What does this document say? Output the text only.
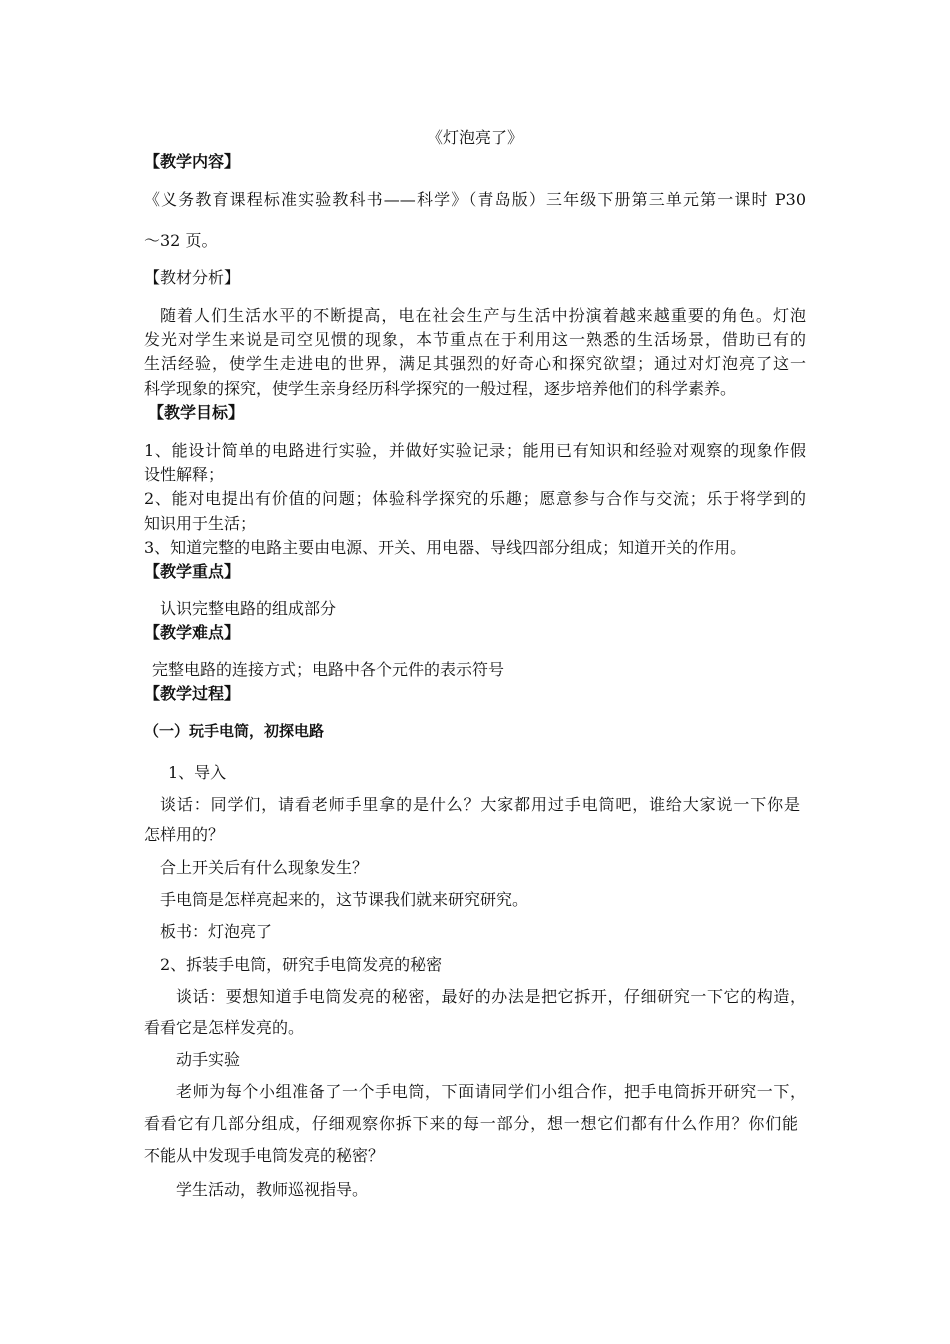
《灯泡亮了》
【教学内容】
《义务教育课程标准实验教科书——科学》（青岛版）三年级下册第三单元第一课时 P30
～32 页。
【教材分析】
随着人们生活水平的不断提高，电在社会生产与生活中扮演着越来越重要的角色。灯泡
发光对学生来说是司空见惯的现象，本节重点在于利用这一熟悉的生活场景，借助已有的
生活经验，使学生走进电的世界，满足其强烈的好奇心和探究欲望；通过对灯泡亮了这一
科学现象的探究，使学生亲身经历科学探究的一般过程，逐步培养他们的科学素养。
【教学目标】
1、能设计简单的电路进行实验，并做好实验记录；能用已有知识和经验对观察的现象作假
设性解释；
2、能对电提出有价值的问题；体验科学探究的乐趣；愿意参与合作与交流；乐于将学到的
知识用于生活；
3、知道完整的电路主要由电源、开关、用电器、导线四部分组成；知道开关的作用。
【教学重点】
认识完整电路的组成部分
【教学难点】
完整电路的连接方式；电路中各个元件的表示符号
【教学过程】
（一）玩手电筒，初探电路
1、导入
谈话：同学们，请看老师手里拿的是什么？大家都用过手电筒吧，谁给大家说一下你是
怎样用的？
合上开关后有什么现象发生？
手电筒是怎样亮起来的，这节课我们就来研究研究。
板书：灯泡亮了
2、拆装手电筒，研究手电筒发亮的秘密
谈话：要想知道手电筒发亮的秘密，最好的办法是把它拆开，仔细研究一下它的构造，
看看它是怎样发亮的。
动手实验
老师为每个小组准备了一个手电筒，下面请同学们小组合作，把手电筒拆开研究一下，
看看它有几部分组成，仔细观察你拆下来的每一部分，想一想它们都有什么作用？你们能
不能从中发现手电筒发亮的秘密？
学生活动，教师巡视指导。
